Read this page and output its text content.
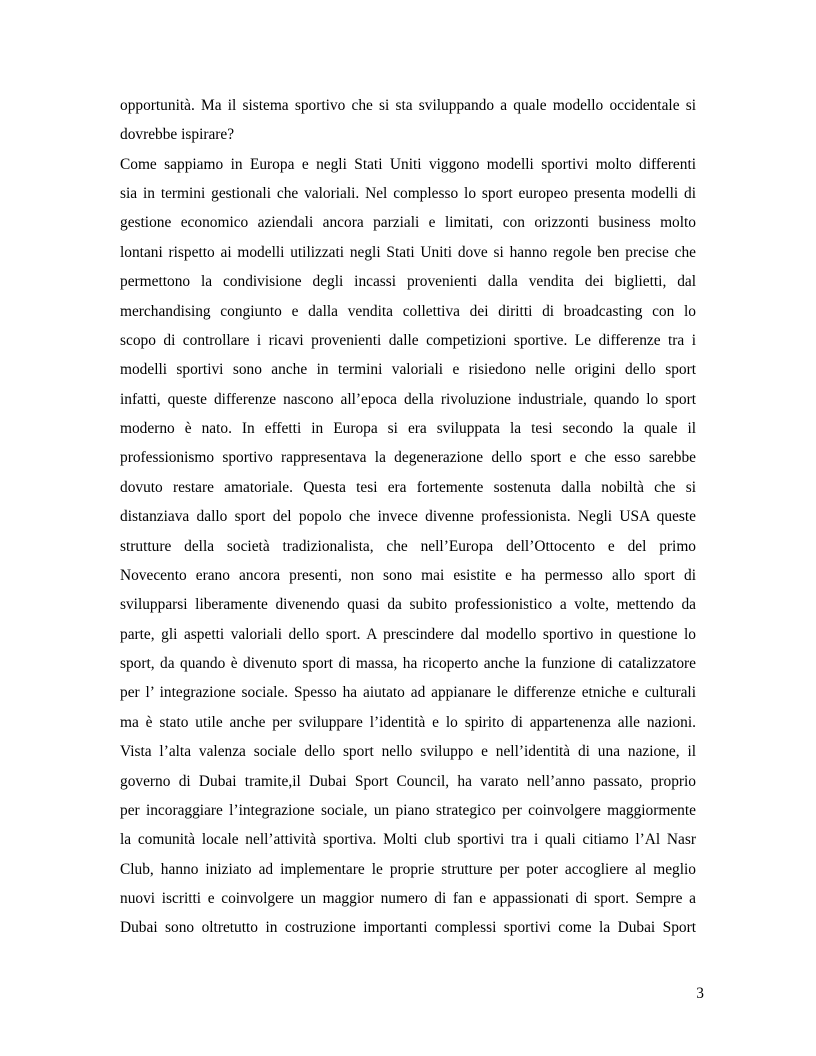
opportunità. Ma il sistema sportivo che si sta sviluppando a quale modello occidentale si
dovrebbe ispirare?
Come sappiamo in Europa e negli Stati Uniti viggono modelli sportivi molto differenti
sia in termini gestionali che valoriali. Nel complesso lo sport europeo presenta modelli di
gestione economico aziendali ancora parziali e limitati, con orizzonti business molto
lontani rispetto ai modelli utilizzati negli Stati Uniti dove si hanno regole ben precise che
permettono la condivisione degli incassi provenienti dalla vendita dei biglietti, dal
merchandising congiunto e dalla vendita collettiva dei diritti di broadcasting con lo
scopo di controllare i ricavi provenienti dalle competizioni sportive. Le differenze tra i
modelli sportivi sono anche in termini valoriali e risiedono nelle origini dello sport
infatti, queste differenze nascono all’epoca della rivoluzione industriale, quando lo sport
moderno è nato. In effetti in Europa si era sviluppata la tesi secondo la quale il
professionismo sportivo rappresentava la degenerazione dello sport e che esso sarebbe
dovuto restare amatoriale. Questa tesi era fortemente sostenuta dalla nobiltà che si
distanziava dallo sport del popolo che invece divenne professionista. Negli USA queste
strutture della società tradizionalista, che nell’Europa dell’Ottocento e del primo
Novecento erano ancora presenti, non sono mai esistite e ha permesso allo sport di
svilupparsi liberamente divenendo quasi da subito professionistico a volte, mettendo da
parte, gli aspetti valoriali dello sport. A prescindere dal modello sportivo in questione lo
sport, da quando è divenuto sport di massa, ha ricoperto anche la funzione di catalizzatore
per l’ integrazione sociale. Spesso ha aiutato ad appianare le differenze etniche e culturali
ma è stato utile anche per sviluppare l’identità e lo spirito di appartenenza alle nazioni.
Vista l’alta valenza sociale dello sport nello sviluppo e nell’identità di una nazione, il
governo di Dubai tramite,il Dubai Sport Council, ha varato nell’anno passato, proprio
per incoraggiare l’integrazione sociale, un piano strategico per coinvolgere maggiormente
la comunità locale nell’attività sportiva. Molti club sportivi tra i quali citiamo l’Al Nasr
Club, hanno iniziato ad implementare le proprie strutture per poter accogliere al meglio
nuovi iscritti e coinvolgere un maggior numero di fan e appassionati di sport. Sempre a
Dubai sono oltretutto in costruzione importanti complessi sportivi come la Dubai Sport
3
